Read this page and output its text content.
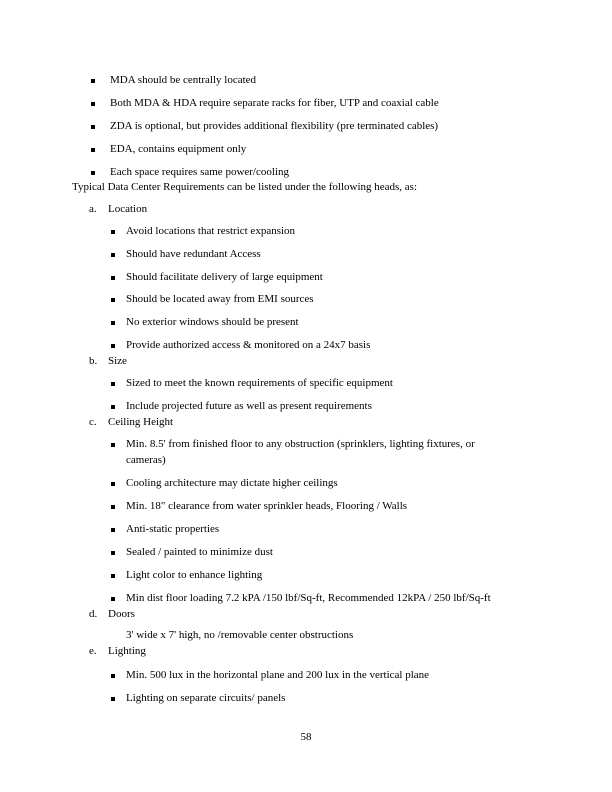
MDA should be centrally located
Both MDA & HDA require separate racks for fiber, UTP and coaxial cable
ZDA is optional, but provides additional flexibility (pre terminated cables)
EDA, contains equipment only
Each space requires same power/cooling
Typical Data Center Requirements can be listed under the following heads, as:
a. Location
Avoid locations that restrict expansion
Should have redundant Access
Should facilitate delivery of large equipment
Should be located away from EMI sources
No exterior windows should be present
Provide authorized access & monitored on a 24x7 basis
b. Size
Sized to meet the known requirements of specific equipment
Include projected future as well as present requirements
c. Ceiling Height
Min. 8.5' from finished floor to any obstruction (sprinklers, lighting fixtures, or
cameras)
Cooling architecture may dictate higher ceilings
Min. 18" clearance from water sprinkler heads, Flooring / Walls
Anti-static properties
Sealed / painted to minimize dust
Light color to enhance lighting
Min dist floor loading 7.2 kPA /150 lbf/Sq-ft, Recommended 12kPA / 250 lbf/Sq-ft
d. Doors
3' wide x 7' high, no /removable center obstructions
e. Lighting
Min. 500 lux in the horizontal plane and 200 lux in the vertical plane
Lighting on separate circuits/ panels
58
